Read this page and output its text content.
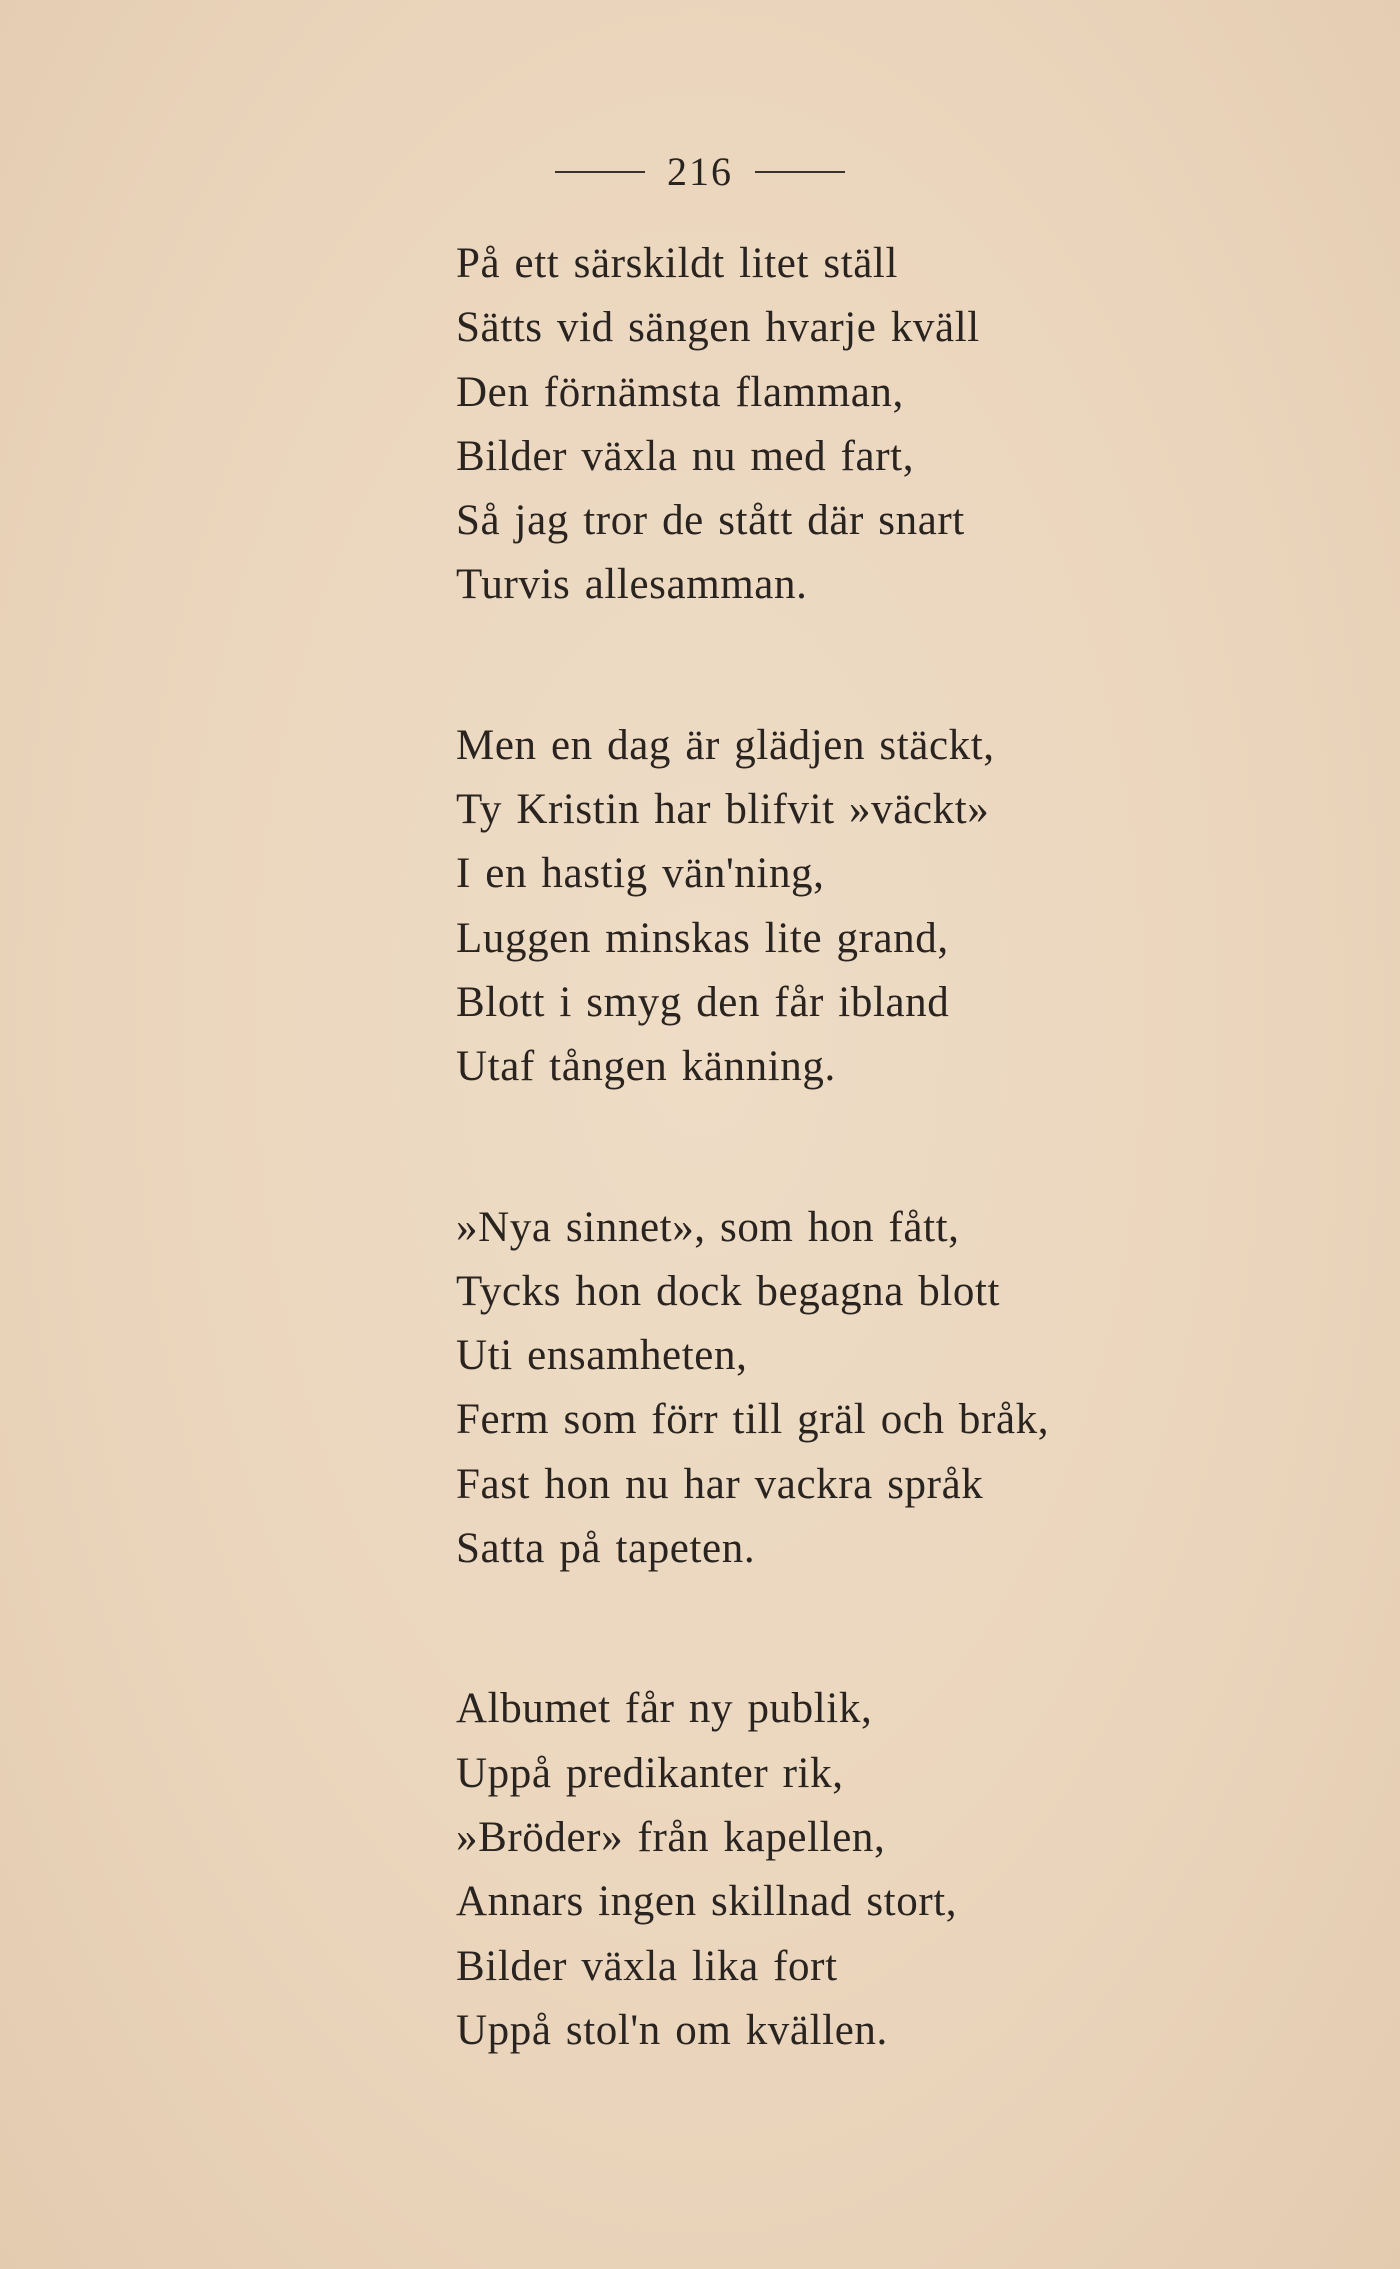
216
På ett särskildt litet ställ
Sätts vid sängen hvarje kväll
Den förnämsta flamman,
Bilder växla nu med fart,
Så jag tror de stått där snart
Turvis allesamman.
Men en dag är glädjen stäckt,
Ty Kristin har blifvit »väckt»
I en hastig vän'ning,
Luggen minskas lite grand,
Blott i smyg den får ibland
Utaf tången känning.
»Nya sinnet», som hon fått,
Tycks hon dock begagna blott
Uti ensamheten,
Ferm som förr till gräl och bråk,
Fast hon nu har vackra språk
Satta på tapeten.
Albumet får ny publik,
Uppå predikanter rik,
»Bröder» från kapellen,
Annars ingen skillnad stort,
Bilder växla lika fort
Uppå stol'n om kvällen.
